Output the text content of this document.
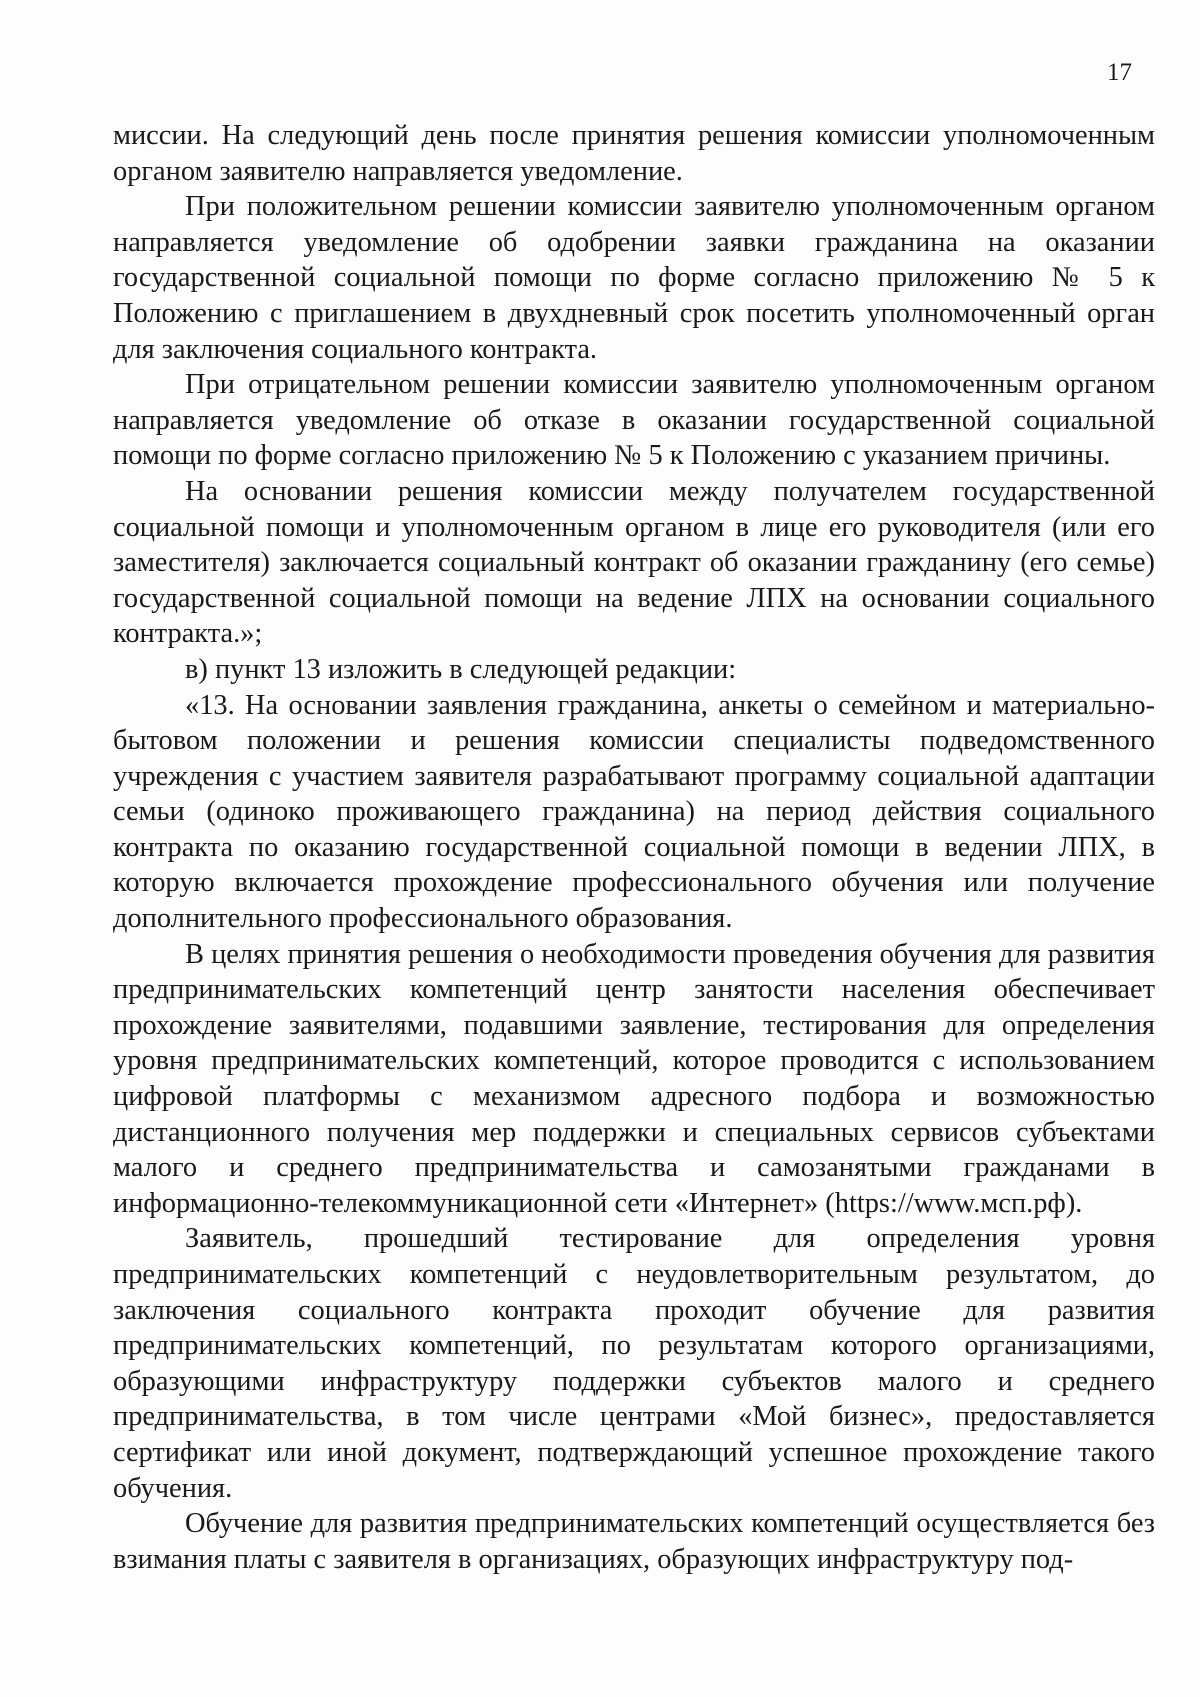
17

миссии. На следующий день после принятия решения комиссии уполномоченным органом заявителю направляется уведомление.

При положительном решении комиссии заявителю уполномоченным органом направляется уведомление об одобрении заявки гражданина на оказании государственной социальной помощи по форме согласно приложению № 5 к Положению с приглашением в двухдневный срок посетить уполномоченный орган для заключения социального контракта.

При отрицательном решении комиссии заявителю уполномоченным органом направляется уведомление об отказе в оказании государственной социальной помощи по форме согласно приложению № 5 к Положению с указанием причины.

На основании решения комиссии между получателем государственной социальной помощи и уполномоченным органом в лице его руководителя (или его заместителя) заключается социальный контракт об оказании гражданину (его семье) государственной социальной помощи на ведение ЛПХ на основании социального контракта.»;

в) пункт 13 изложить в следующей редакции:

«13. На основании заявления гражданина, анкеты о семейном и материально-бытовом положении и решения комиссии специалисты подведомственного учреждения с участием заявителя разрабатывают программу социальной адаптации семьи (одиноко проживающего гражданина) на период действия социального контракта по оказанию государственной социальной помощи в ведении ЛПХ, в которую включается прохождение профессионального обучения или получение дополнительного профессионального образования.

В целях принятия решения о необходимости проведения обучения для развития предпринимательских компетенций центр занятости населения обеспечивает прохождение заявителями, подавшими заявление, тестирования для определения уровня предпринимательских компетенций, которое проводится с использованием цифровой платформы с механизмом адресного подбора и возможностью дистанционного получения мер поддержки и специальных сервисов субъектами малого и среднего предпринимательства и самозанятыми гражданами в информационно-телекоммуникационной сети «Интернет» (https://www.мсп.рф).

Заявитель, прошедший тестирование для определения уровня предпринимательских компетенций с неудовлетворительным результатом, до заключения социального контракта проходит обучение для развития предпринимательских компетенций, по результатам которого организациями, образующими инфраструктуру поддержки субъектов малого и среднего предпринимательства, в том числе центрами «Мой бизнес», предоставляется сертификат или иной документ, подтверждающий успешное прохождение такого обучения.

Обучение для развития предпринимательских компетенций осуществляется без взимания платы с заявителя в организациях, образующих инфраструктуру под-
